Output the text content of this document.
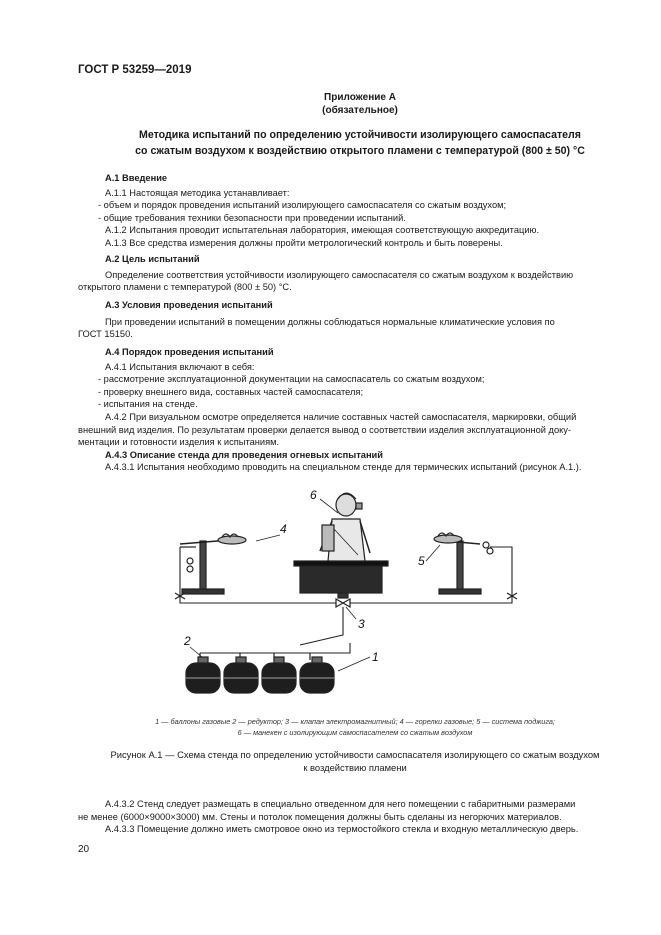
ГОСТ Р 53259—2019
Приложение А
(обязательное)
Методика испытаний по определению устойчивости изолирующего самоспасателя
со сжатым воздухом к воздействию открытого пламени с температурой (800 ± 50) °С

А.1 Введение

А.1.1 Настоящая методика устанавливает:

- объем и порядок проведения испытаний изолирующего самоспасателя со сжатым воздухом;

- общие требования техники безопасности при проведении испытаний.

А.1.2 Испытания проводит испытательная лаборатория, имеющая соответствующую аккредитацию.

А.1.3 Все средства измерения должны пройти метрологический контроль и быть поверены.

А.2 Цель испытаний

Определение соответствия устойчивости изолирующего самоспасателя со сжатым воздухом к воздействию

открытого пламени с температурой (800 ± 50) °С.

А.3 Условия проведения испытаний

При проведении испытаний в помещении должны соблюдаться нормальные климатические условия по

ГОСТ 15150.

А.4 Порядок проведения испытаний

А.4.1 Испытания включают в себя:

- рассмотрение эксплуатационной документации на самоспасатель со сжатым воздухом;

- проверку внешнего вида, составных частей самоспасателя;

- испытания на стенде.

А.4.2 При визуальном осмотре определяется наличие составных частей самоспасателя, маркировки, общий

внешний вид изделия. По результатам проверки делается вывод о соответствии изделия эксплуатационной доку-

ментации и готовности изделия к испытаниям.

А.4.3 Описание стенда для проведения огневых испытаний

А.4.3.1 Испытания необходимо проводить на специальном стенде для термических испытаний (рисунок А.1.).

6
4
5
3
2
1
1 — баллоны газовые 2 — редуктор; 3 — клапан электромагнитный; 4 — горелки газовые; 5 — система поджига;
6 — манекен с изолирующим самоспасателем со сжатым воздухом
Рисунок А.1 — Схема стенда по определению устойчивости самоспасателя изолирующего со сжатым воздухом
к воздействию пламени

А.4.3.2 Стенд следует размещать в специально отведенном для него помещении с габаритными размерами

не менее (6000×9000×3000) мм. Стены и потолок помещения должны быть сделаны из негорючих материалов.

А.4.3.3 Помещение должно иметь смотровое окно из термостойкого стекла и входную металлическую дверь.

20
